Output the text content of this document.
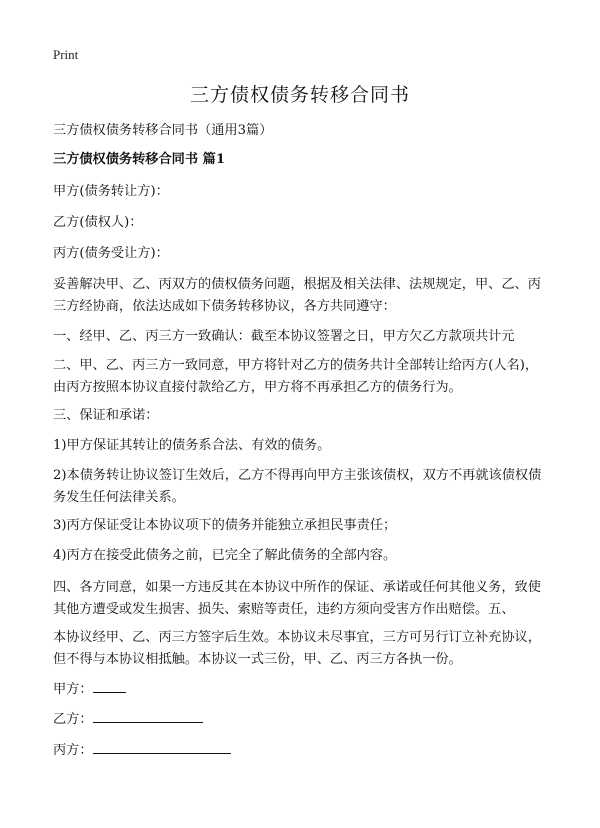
Print
三方债权债务转移合同书

三方债权债务转移合同书（通用3篇）

三方债权债务转移合同书 篇1

甲方(债务转让方)：

乙方(债权人)：

丙方(债务受让方)：

妥善解决甲、乙、丙双方的债权债务问题，根据及相关法律、法规规定，甲、乙、丙三方经协商，依法达成如下债务转移协议，各方共同遵守：

一、经甲、乙、丙三方一致确认：截至本协议签署之日，甲方欠乙方款项共计元

二、甲、乙、丙三方一致同意，甲方将针对乙方的债务共计全部转让给丙方(人名)，由丙方按照本协议直接付款给乙方，甲方将不再承担乙方的债务行为。

三、保证和承诺：

1)甲方保证其转让的债务系合法、有效的债务。

2)本债务转让协议签订生效后，乙方不得再向甲方主张该债权，双方不再就该债权债务发生任何法律关系。

3)丙方保证受让本协议项下的债务并能独立承担民事责任；

4)丙方在接受此债务之前，已完全了解此债务的全部内容。

四、各方同意，如果一方违反其在本协议中所作的保证、承诺或任何其他义务，致使其他方遭受或发生损害、损失、索赔等责任，违约方须向受害方作出赔偿。五、

本协议经甲、乙、丙三方签字后生效。本协议未尽事宜，三方可另行订立补充协议，但不得与本协议相抵触。本协议一式三份，甲、乙、丙三方各执一份。

甲方：

乙方：

丙方：
